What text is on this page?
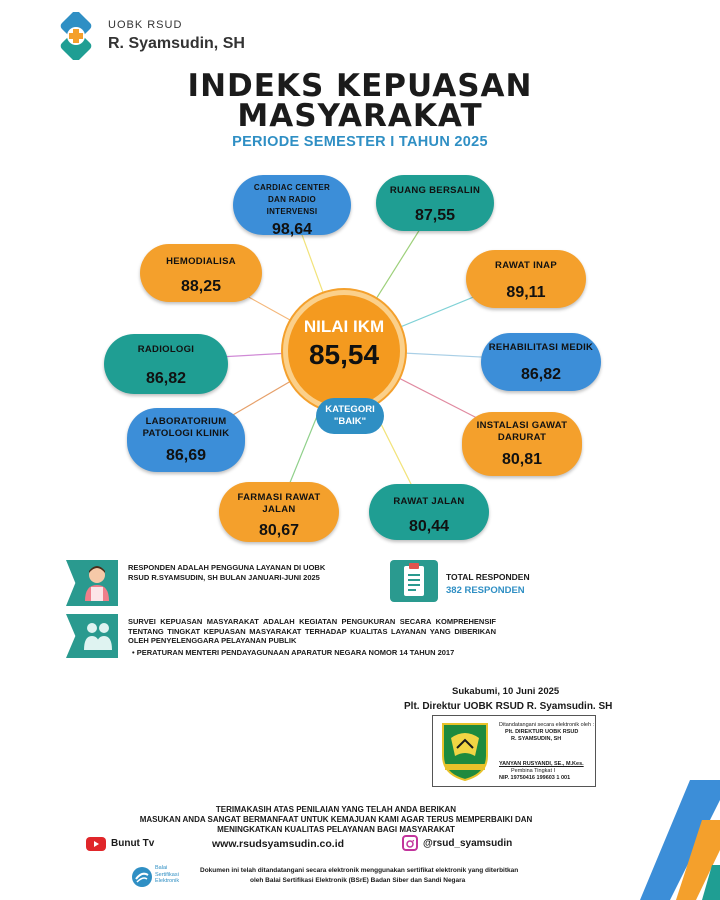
UOBK RSUD
R. Syamsudin, SH
INDEKS KEPUASAN
MASYARAKAT
PERIODE SEMESTER I TAHUN 2025
NILAI IKM
85,54
KATEGORI
"BAIK"
CARDIAC CENTER DAN RADIO INTERVENSI
98,64
RUANG BERSALIN
87,55
HEMODIALISA
88,25
RAWAT INAP
89,11
RADIOLOGI
86,82
REHABILITASI MEDIK
86,82
LABORATORIUM PATOLOGI KLINIK
86,69
INSTALASI GAWAT DARURAT
80,81
FARMASI RAWAT JALAN
80,67
RAWAT JALAN
80,44
RESPONDEN ADALAH PENGGUNA LAYANAN DI UOBK RSUD R.SYAMSUDIN, SH BULAN JANUARI-JUNI 2025	TOTAL RESPONDEN
382 RESPONDEN
SURVEI KEPUASAN MASYARAKAT ADALAH KEGIATAN PENGUKURAN SECARA KOMPREHENSIF TENTANG TINGKAT KEPUASAN MASYARAKAT TERHADAP KUALITAS LAYANAN YANG DIBERIKAN OLEH PENYELENGGARA PELAYANAN PUBLIK
• PERATURAN MENTERI PENDAYAGUNAAN APARATUR NEGARA NOMOR 14 TAHUN 2017
Sukabumi, 10 Juni 2025
Plt. Direktur UOBK RSUD R. Syamsudin. SH
Ditandatangani secara elektronik oleh :
Plt. DIREKTUR UOBK RSUD
R. SYAMSUDIN, SH
YANYAN RUSYANDI, SE., M.Kes.
Pembina Tingkat I
NIP. 19750416 199603 1 001
TERIMAKASIH ATAS PENILAIAN YANG TELAH ANDA BERIKAN
MASUKAN ANDA SANGAT BERMANFAAT UNTUK KEMAJUAN KAMI AGAR TERUS MEMPERBAIKI DAN
MENINGKATKAN KUALITAS PELAYANAN BAGI MASYARAKAT
Bunut Tv	www.rsudsyamsudin.co.id	@rsud_syamsudin
Balai
Sertifikasi
Elektronik
Dokumen ini telah ditandatangani secara elektronik menggunakan sertifikat elektronik yang diterbitkan
oleh Balai Sertifikasi Elektronik (BSrE) Badan Siber dan Sandi Negara
